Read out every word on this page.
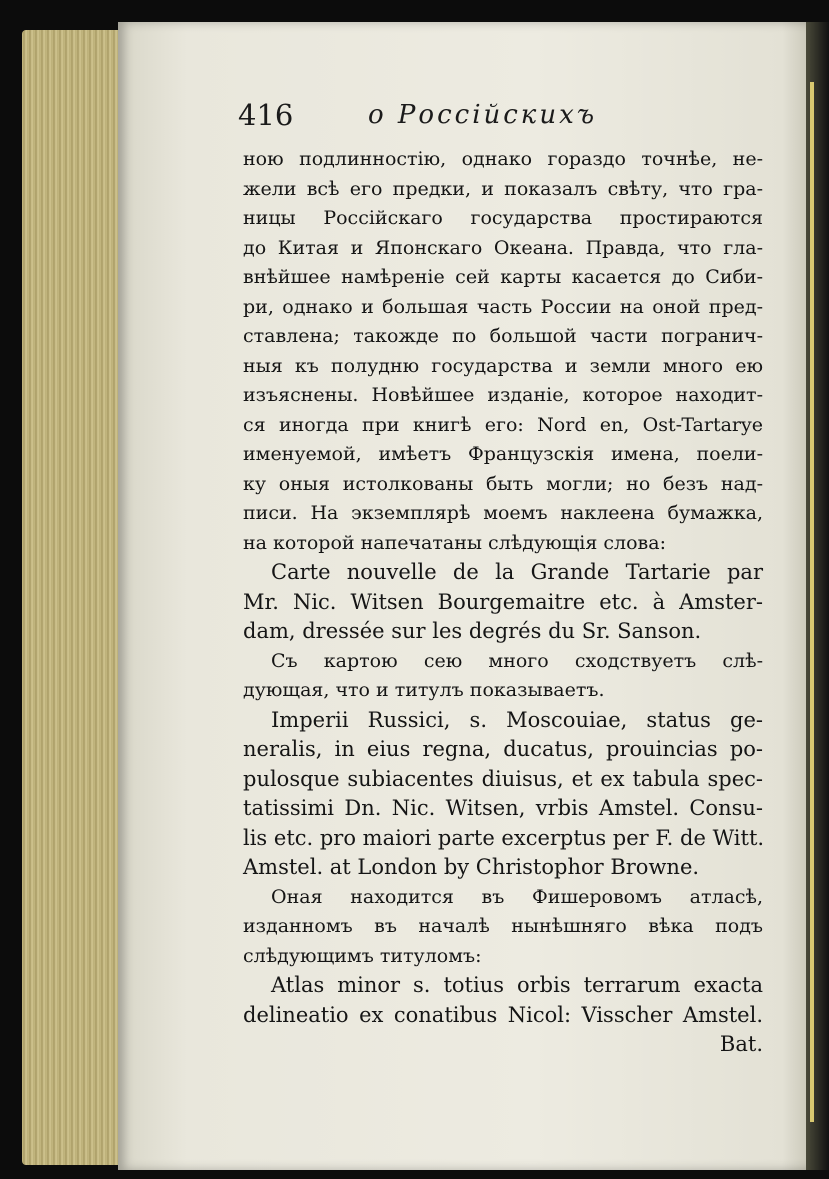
416	о Россійскихъ
ною подлинностію, однако гораздо точнѣе, не-
жели всѣ его предки, и показалъ свѣту, что гра-
ницы Россійскаго государства простираются
до Китая и Японскаго Океана. Правда, что гла-
внѣйшее намѣреніе сей карты касается до Сиби-
ри, однако и большая часть России на оной пред-
ставлена; такожде по большой части погранич-
ныя къ полудню государства и земли много ею
изъяснены. Новѣйшее изданіе, которое находит-
ся иногда при книгѣ его: Nord en, Ost-Tartarye
именуемой, имѣетъ Французскія имена, поели-
ку оныя истолкованы быть могли; но безъ над-
писи. На экземплярѣ моемъ наклеена бумажка,
на которой напечатаны слѣдующія слова:
Carte nouvelle de la Grande Tartarie par
Mr. Nic. Witsen Bourgemaitre etc. à Amster-
dam, dressée sur les degrés du Sr. Sanson.
Съ картою сею много сходствуетъ слѣ-
дующая, что и титулъ показываетъ.
Imperii Russici, s. Moscouiae, status ge-
neralis, in eius regna, ducatus, prouincias po-
pulosque subiacentes diuisus, et ex tabula spec-
tatissimi Dn. Nic. Witsen, vrbis Amstel. Consu-
lis etc. pro maiori parte excerptus per F. de Witt.
Amstel. at London by Christophor Browne.
Оная находится въ Фишеровомъ атласѣ,
изданномъ въ началѣ нынѣшняго вѣка подъ
слѣдующимъ титуломъ:
Atlas minor s. totius orbis terrarum exacta
delineatio ex conatibus Nicol: Visscher Amstel.
Bat.
